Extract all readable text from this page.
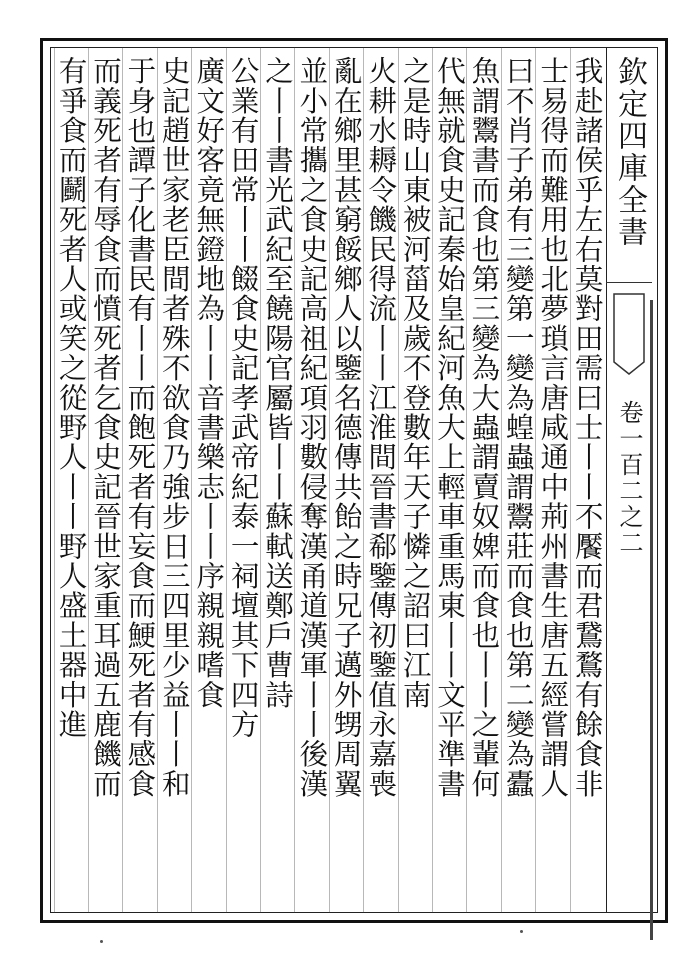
欽定四庫全書
卷一百二之二
我赴諸侯乎左右莫對田需曰士丨丨不饜而君鵞鶩有餘食非
士易得而難用也北夢瑣言唐咸通中荊州書生唐五經嘗謂人
曰不肖子弟有三變第一變為蝗蟲謂鬻莊而食也第二變為蠹
魚謂鬻書而食也第三變為大蟲謂賣奴婢而食也丨丨之輩何
代無就食史記秦始皇紀河魚大上輕車重馬東丨丨文平準書
之是時山東被河菑及歲不登數年天子憐之詔曰江南
火耕水耨令饑民得流丨丨江淮間晉書郗鑒傳初鑒值永嘉喪
亂在鄉里甚窮餒鄉人以鑒名德傳共飴之時兄子邁外甥周翼
並小常攜之食史記高祖紀項羽數侵奪漢甬道漢軍丨丨後漢
之丨丨書光武紀至饒陽官屬皆丨丨蘇軾送鄭戶曹詩
公業有田常丨丨餟食史記孝武帝紀泰一祠壇其下四方
廣文好客竟無鐙地為丨丨音書樂志丨丨序親親嗜食
史記趙世家老臣間者殊不欲食乃強步日三四里少益丨丨和
于身也譚子化書民有丨丨而飽死者有妄食而鯁死者有感食
而義死者有辱食而憤死者乞食史記晉世家重耳過五鹿饑而
有爭食而鬬死者人或笑之從野人丨丨野人盛土器中進
